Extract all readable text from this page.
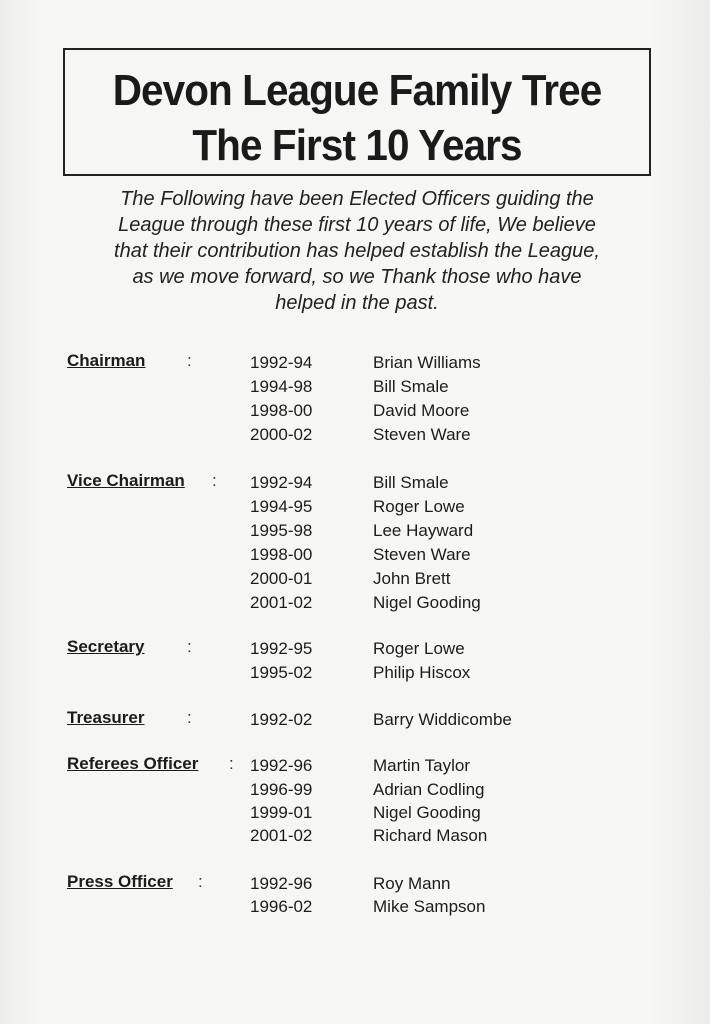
Devon League Family Tree
The First 10 Years
The Following have been Elected Officers guiding the
League through these first 10 years of life, We believe
that their contribution has helped establish the League,
as we move forward, so we Thank those who have
helped in the past.
Chairman :	1992-94	Brian Williams
1994-98	Bill Smale
1998-00	David Moore
2000-02	Steven Ware
Vice Chairman : 1992-94	Bill Smale
1994-95	Roger Lowe
1995-98	Lee Hayward
1998-00	Steven Ware
2000-01	John Brett
2001-02	Nigel Gooding
Secretary :	1992-95	Roger Lowe
1995-02	Philip Hiscox
Treasurer	:	1992-02	Barry Widdicombe
Referees Officer : 1992-96	Martin Taylor
1996-99	Adrian Codling
1999-01	Nigel Gooding
2001-02	Richard Mason
Press Officer :	1992-96	Roy Mann
1996-02	Mike Sampson
